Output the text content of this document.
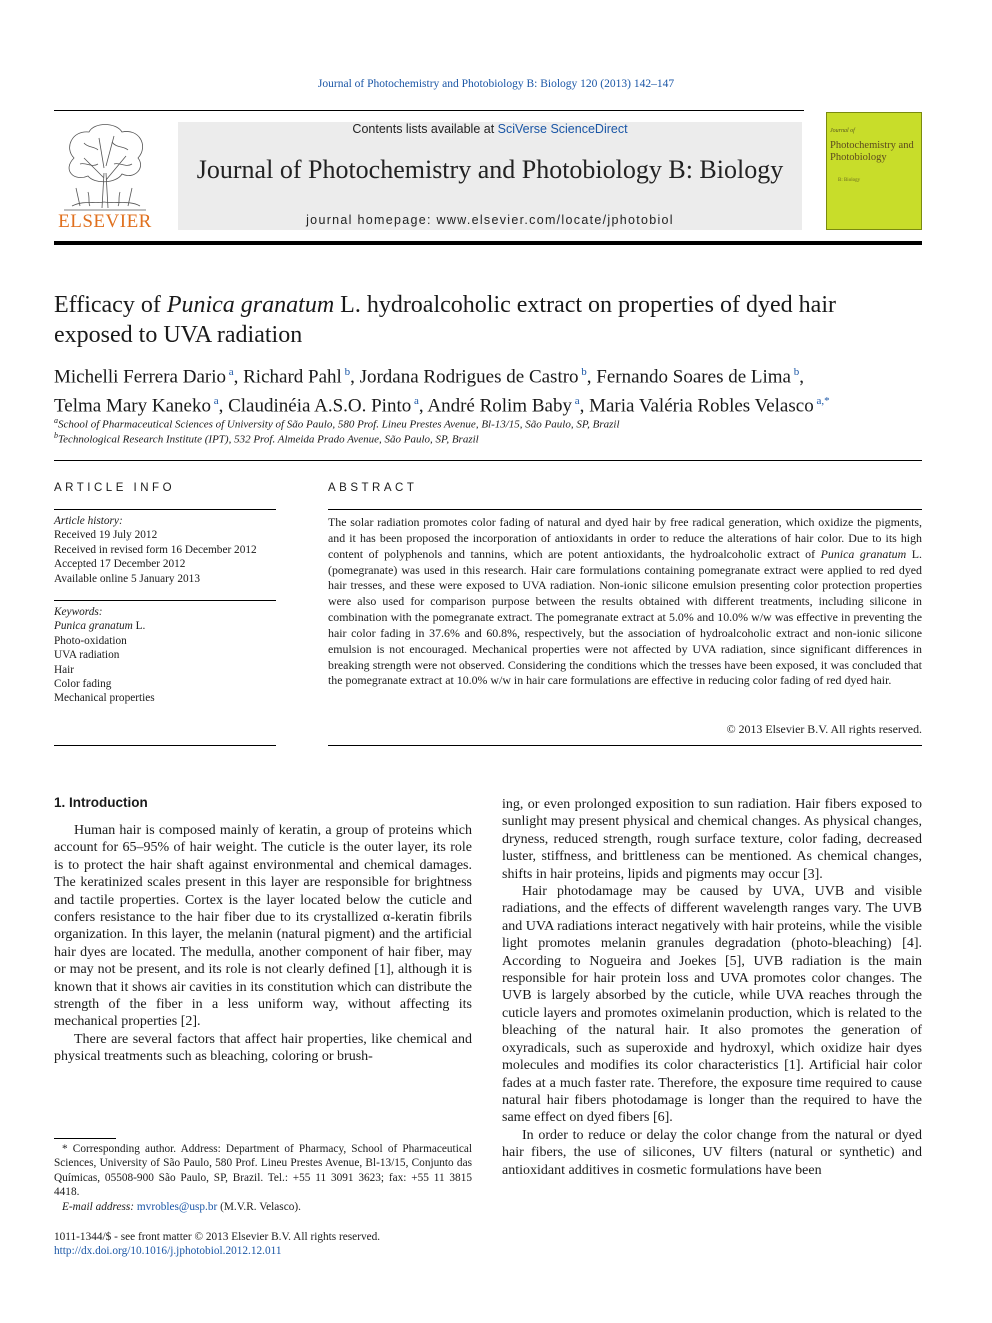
Journal of Photochemistry and Photobiology B: Biology 120 (2013) 142–147
ELSEVIER
Contents lists available at SciVerse ScienceDirect
Journal of Photochemistry and Photobiology B: Biology
journal homepage: www.elsevier.com/locate/jphotobiol
Journal of
Photochemistry and Photobiology
B: Biology
Efficacy of Punica granatum L. hydroalcoholic extract on properties of dyed hair exposed to UVA radiation
Michelli Ferrera Dario $^a$, Richard Pahl $^b$, Jordana Rodrigues de Castro $^b$, Fernando Soares de Lima $^b$,
Telma Mary Kaneko $^a$, Claudinéia A.S.O. Pinto $^a$, André Rolim Baby $^a$, Maria Valéria Robles Velasco $^{a,*}$
$^a$School of Pharmaceutical Sciences of University of São Paulo, 580 Prof. Lineu Prestes Avenue, Bl-13/15, São Paulo, SP, Brazil
$^b$Technological Research Institute (IPT), 532 Prof. Almeida Prado Avenue, São Paulo, SP, Brazil
ARTICLE INFO
Article history:
Received 19 July 2012
Received in revised form 16 December 2012
Accepted 17 December 2012
Available online 5 January 2013
Keywords:
Punica granatum L.
Photo-oxidation
UVA radiation
Hair
Color fading
Mechanical properties
ABSTRACT
The solar radiation promotes color fading of natural and dyed hair by free radical generation, which oxidize the pigments, and it has been proposed the incorporation of antioxidants in order to reduce the alterations of hair color. Due to its high content of polyphenols and tannins, which are potent antioxidants, the hydroalcoholic extract of Punica granatum L. (pomegranate) was used in this research. Hair care formulations containing pomegranate extract were applied to red dyed hair tresses, and these were exposed to UVA radiation. Non-ionic silicone emulsion presenting color protection properties were also used for comparison purpose between the results obtained with different treatments, including silicone in combination with the pomegranate extract. The pomegranate extract at 5.0% and 10.0% w/w was effective in preventing the hair color fading in 37.6% and 60.8%, respectively, but the association of hydroalcoholic extract and non-ionic silicone emulsion is not encouraged. Mechanical properties were not affected by UVA radiation, since significant differences in breaking strength were not observed. Considering the conditions which the tresses have been exposed, it was concluded that the pomegranate extract at 10.0% w/w in hair care formulations are effective in reducing color fading of red dyed hair.
© 2013 Elsevier B.V. All rights reserved.
1. Introduction

Human hair is composed mainly of keratin, a group of proteins which account for 65–95% of hair weight. The cuticle is the outer layer, its role is to protect the hair shaft against environmental and chemical damages. The keratinized scales present in this layer are responsible for brightness and tactile properties. Cortex is the layer located below the cuticle and confers resistance to the hair fiber due to its crystallized α-keratin fibrils organization. In this layer, the melanin (natural pigment) and the artificial hair dyes are located. The medulla, another component of hair fiber, may or may not be present, and its role is not clearly defined [1], although it is known that it shows air cavities in its constitution which can distribute the strength of the fiber in a less uniform way, without affecting its mechanical properties [2].

There are several factors that affect hair properties, like chemical and physical treatments such as bleaching, coloring or brush-

ing, or even prolonged exposition to sun radiation. Hair fibers exposed to sunlight may present physical and chemical changes. As physical changes, dryness, reduced strength, rough surface texture, color fading, decreased luster, stiffness, and brittleness can be mentioned. As chemical changes, shifts in hair proteins, lipids and pigments may occur [3].

Hair photodamage may be caused by UVA, UVB and visible radiations, and the effects of different wavelength ranges vary. The UVB and UVA radiations interact negatively with hair proteins, while the visible light promotes melanin granules degradation (photo-bleaching) [4]. According to Nogueira and Joekes [5], UVB radiation is the main responsible for hair protein loss and UVA promotes color changes. The UVB is largely absorbed by the cuticle, while UVA reaches through the cuticle layers and promotes oximelanin production, which is related to the bleaching of the natural hair. It also promotes the generation of oxyradicals, such as superoxide and hydroxyl, which oxidize hair dyes molecules and modifies its color characteristics [1]. Artificial hair color fades at a much faster rate. Therefore, the exposure time required to cause natural hair fibers photodamage is longer than the required to have the same effect on dyed fibers [6].

In order to reduce or delay the color change from the natural or dyed hair fibers, the use of silicones, UV filters (natural or synthetic) and antioxidant additives in cosmetic formulations have been

* Corresponding author. Address: Department of Pharmacy, School of Pharmaceutical Sciences, University of São Paulo, 580 Prof. Lineu Prestes Avenue, Bl-13/15, Conjunto das Químicas, 05508-900 São Paulo, SP, Brazil. Tel.: +55 11 3091 3623; fax: +55 11 3815 4418.
E-mail address: mvrobles@usp.br (M.V.R. Velasco).
1011-1344/$ - see front matter © 2013 Elsevier B.V. All rights reserved.
http://dx.doi.org/10.1016/j.jphotobiol.2012.12.011
